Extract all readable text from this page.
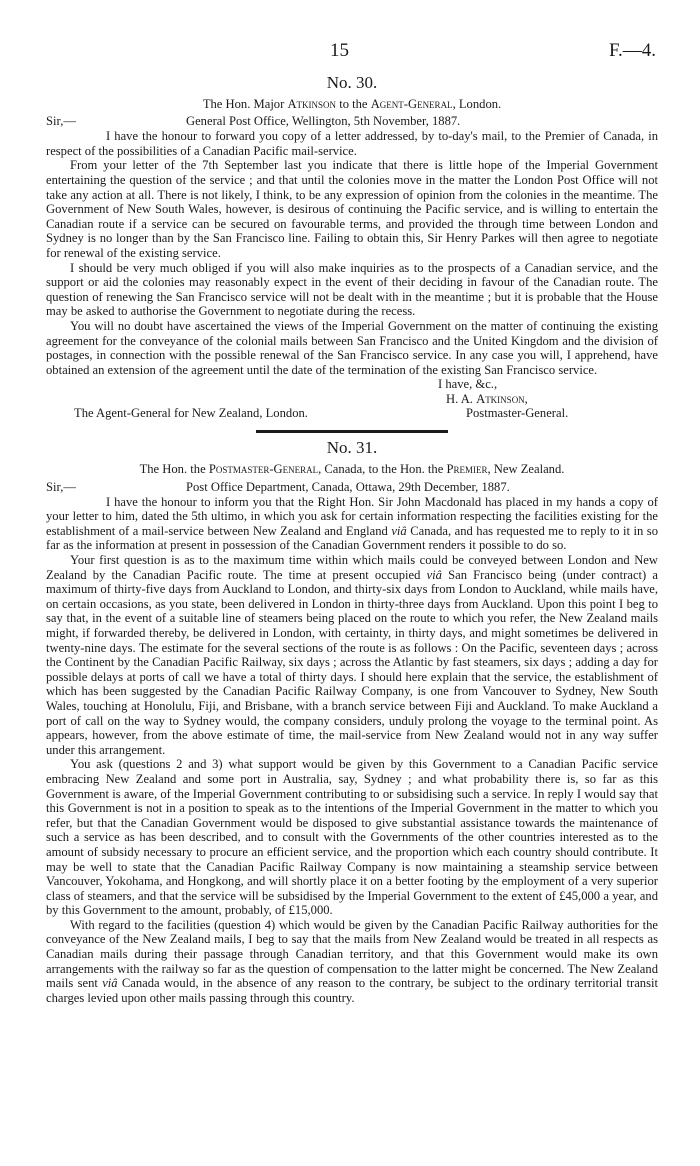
15	F.—4.
No. 30.
The Hon. Major Atkinson to the Agent-General, London.
Sir,—	General Post Office, Wellington, 5th November, 1887.

I have the honour to forward you copy of a letter addressed, by to-day's mail, to the Premier of Canada, in respect of the possibilities of a Canadian Pacific mail-service.

From your letter of the 7th September last you indicate that there is little hope of the Imperial Government entertaining the question of the service ; and that until the colonies move in the matter the London Post Office will not take any action at all. There is not likely, I think, to be any expression of opinion from the colonies in the meantime. The Government of New South Wales, however, is desirous of continuing the Pacific service, and is willing to entertain the Canadian route if a service can be secured on favourable terms, and provided the through time between London and Sydney is no longer than by the San Francisco line. Failing to obtain this, Sir Henry Parkes will then agree to negotiate for renewal of the existing service.

I should be very much obliged if you will also make inquiries as to the prospects of a Canadian service, and the support or aid the colonies may reasonably expect in the event of their deciding in favour of the Canadian route. The question of renewing the San Francisco service will not be dealt with in the meantime ; but it is probable that the House may be asked to authorise the Government to negotiate during the recess.

You will no doubt have ascertained the views of the Imperial Government on the matter of continuing the existing agreement for the conveyance of the colonial mails between San Francisco and the United Kingdom and the division of postages, in connection with the possible renewal of the San Francisco service. In any case you will, I apprehend, have obtained an extension of the agreement until the date of the termination of the existing San Francisco service.

I have, &c.,
H. A. Atkinson,
The Agent-General for New Zealand, London.	Postmaster-General.
No. 31.
The Hon. the Postmaster-General, Canada, to the Hon. the Premier, New Zealand.
Sir,—	Post Office Department, Canada, Ottawa, 29th December, 1887.

I have the honour to inform you that the Right Hon. Sir John Macdonald has placed in my hands a copy of your letter to him, dated the 5th ultimo, in which you ask for certain information respecting the facilities existing for the establishment of a mail-service between New Zealand and England viâ Canada, and has requested me to reply to it in so far as the information at present in possession of the Canadian Government renders it possible to do so.

Your first question is as to the maximum time within which mails could be conveyed between London and New Zealand by the Canadian Pacific route. The time at present occupied viâ San Francisco being (under contract) a maximum of thirty-five days from Auckland to London, and thirty-six days from London to Auckland, while mails have, on certain occasions, as you state, been delivered in London in thirty-three days from Auckland. Upon this point I beg to say that, in the event of a suitable line of steamers being placed on the route to which you refer, the New Zealand mails might, if forwarded thereby, be delivered in London, with certainty, in thirty days, and might sometimes be delivered in twenty-nine days. The estimate for the several sections of the route is as follows : On the Pacific, seventeen days ; across the Continent by the Canadian Pacific Railway, six days ; across the Atlantic by fast steamers, six days ; adding a day for possible delays at ports of call we have a total of thirty days. I should here explain that the service, the establishment of which has been suggested by the Canadian Pacific Railway Company, is one from Vancouver to Sydney, New South Wales, touching at Honolulu, Fiji, and Brisbane, with a branch service between Fiji and Auckland. To make Auckland a port of call on the way to Sydney would, the company considers, unduly prolong the voyage to the terminal point. As appears, however, from the above estimate of time, the mail-service from New Zealand would not in any way suffer under this arrangement.

You ask (questions 2 and 3) what support would be given by this Government to a Canadian Pacific service embracing New Zealand and some port in Australia, say, Sydney ; and what probability there is, so far as this Government is aware, of the Imperial Government contributing to or subsidising such a service. In reply I would say that this Government is not in a position to speak as to the intentions of the Imperial Government in the matter to which you refer, but that the Canadian Government would be disposed to give substantial assistance towards the maintenance of such a service as has been described, and to consult with the Governments of the other countries interested as to the amount of subsidy necessary to procure an efficient service, and the proportion which each country should contribute. It may be well to state that the Canadian Pacific Railway Company is now maintaining a steamship service between Vancouver, Yokohama, and Hongkong, and will shortly place it on a better footing by the employment of a very superior class of steamers, and that the service will be subsidised by the Imperial Government to the extent of £45,000 a year, and by this Government to the amount, probably, of £15,000.

With regard to the facilities (question 4) which would be given by the Canadian Pacific Railway authorities for the conveyance of the New Zealand mails, I beg to say that the mails from New Zealand would be treated in all respects as Canadian mails during their passage through Canadian territory, and that this Government would make its own arrangements with the railway so far as the question of compensation to the latter might be concerned. The New Zealand mails sent viâ Canada would, in the absence of any reason to the contrary, be subject to the ordinary territorial transit charges levied upon other mails passing through this country.
